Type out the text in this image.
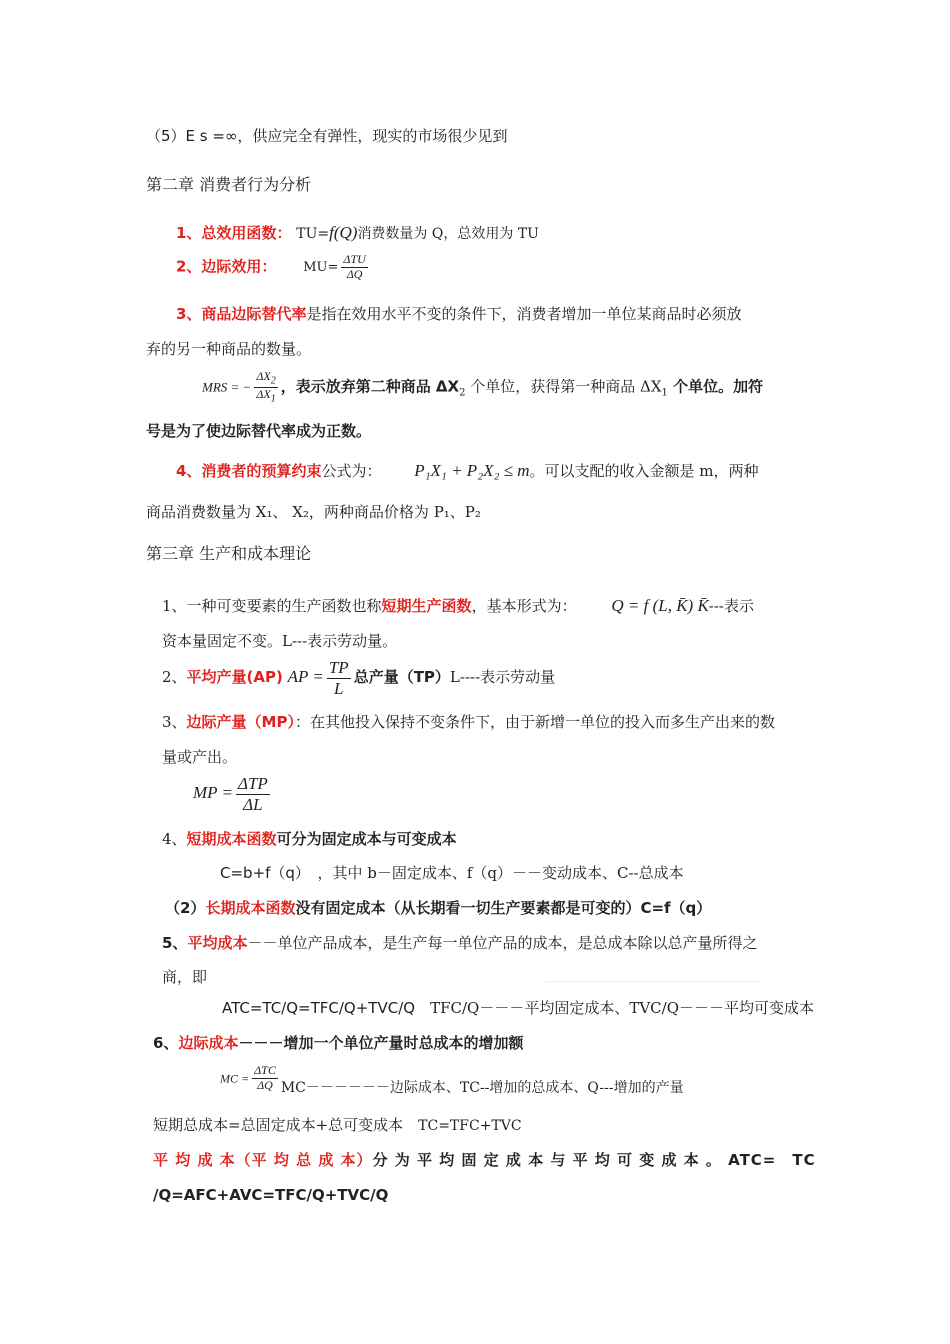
（5）E s =∞，供应完全有弹性，现实的市场很少见到
第二章 消费者行为分析
1、总效用函数： TU=f(Q)消费数量为 Q，总效用为 TU
2、边际效用： $MU= \frac{\text{ΔTU}}{\Delta Q}$
3、商品边际替代率是指在效用水平不变的条件下，消费者增加一单位某商品时必须放
弃的另一种商品的数量。
MRS = − $\frac{\Delta X_2}{\Delta X_1}$ ，表示放弃第二种商品 $\Delta X_2$ 个单位，获得第一种商品 $\Delta X_1$ 个单位。加符
号是为了使边际替代率成为正数。
4、消费者的预算约束公式为： P₁X₁ + P₂X₂ ≤ m。可以支配的收入金额是 m，两种
商品消费数量为 X₁、 X₂，两种商品价格为 P₁、P₂
第三章 生产和成本理论
1、一种可变要素的生产函数也称短期生产函数，基本形式为： Q = f (L, K̄) K̄---表示
资本量固定不变。L---表示劳动量。
2、平均产量(AP) AP = $\frac{TP}{L}$ 总产量（TP）L----表示劳动量
3、边际产量（MP）：在其他投入保持不变条件下，由于新增一单位的投入而多生产出来的数
量或产出。
MP = $\frac{\text{ΔTP}}{\Delta L}$
4、短期成本函数可分为固定成本与可变成本
C=b+f（q）　 ，其中 b－固定成本、f（q）－－变动成本、C--总成本
（2）长期成本函数没有固定成本（从长期看一切生产要素都是可变的）C=f（q）
5、平均成本－－单位产品成本，是生产每一单位产品的成本，是总成本除以总产量所得之
商，即
ATC=TC/Q=TFC/Q+TVC/Q　 TFC/Q－－－平均固定成本、TVC/Q－－－平均可变成本
6、边际成本－－－增加一个单位产量时总成本的增加额
MC = $\frac{\text{ΔTC}}{\Delta Q} MC------$边际成本、TC--增加的总成本、Q---增加的产量
短期总成本=总固定成本+总可变成本　 TC=TFC+TVC
平 均 成 本（平 均 总 成 本）分 为 平 均 固 定 成 本 与 平 均 可 变 成 本 。 ATC=　TC
/Q=AFC+AVC=TFC/Q+TVC/Q
